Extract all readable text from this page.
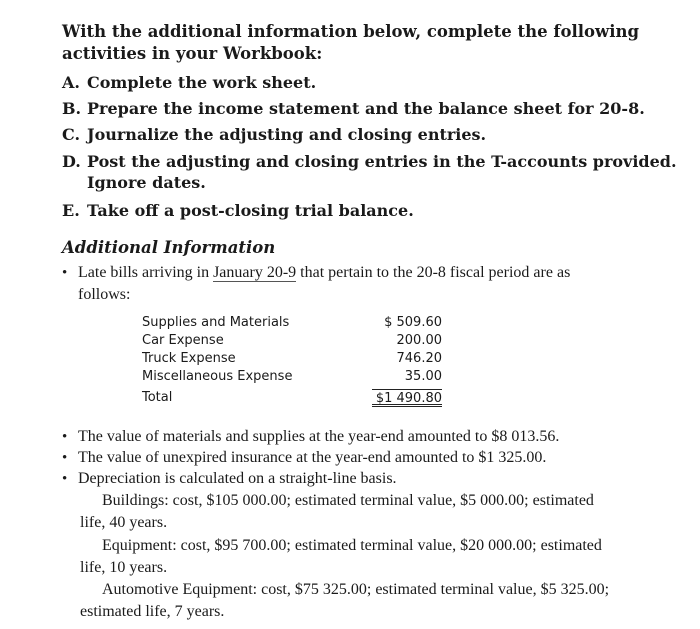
With the additional information below, complete the following activities in your Workbook:
A. Complete the work sheet.
B. Prepare the income statement and the balance sheet for 20-8.
C. Journalize the adjusting and closing entries.
D. Post the adjusting and closing entries in the T-accounts provided.
Ignore dates.
E. Take off a post-closing trial balance.
Additional Information
• Late bills arriving in January 20-9 that pertain to the 20-8 fiscal period are as
follows:
Supplies and Materials	$ 509.60
Car Expense	200.00
Truck Expense	746.20
Miscellaneous Expense	35.00
Total	$1 490.80
• The value of materials and supplies at the year-end amounted to $8 013.56.
• The value of unexpired insurance at the year-end amounted to $1 325.00.
• Depreciation is calculated on a straight-line basis.
Buildings: cost, $105 000.00; estimated terminal value, $5 000.00; estimated
life, 40 years.
Equipment: cost, $95 700.00; estimated terminal value, $20 000.00; estimated
life, 10 years.
Automotive Equipment: cost, $75 325.00; estimated terminal value, $5 325.00;
estimated life, 7 years.
